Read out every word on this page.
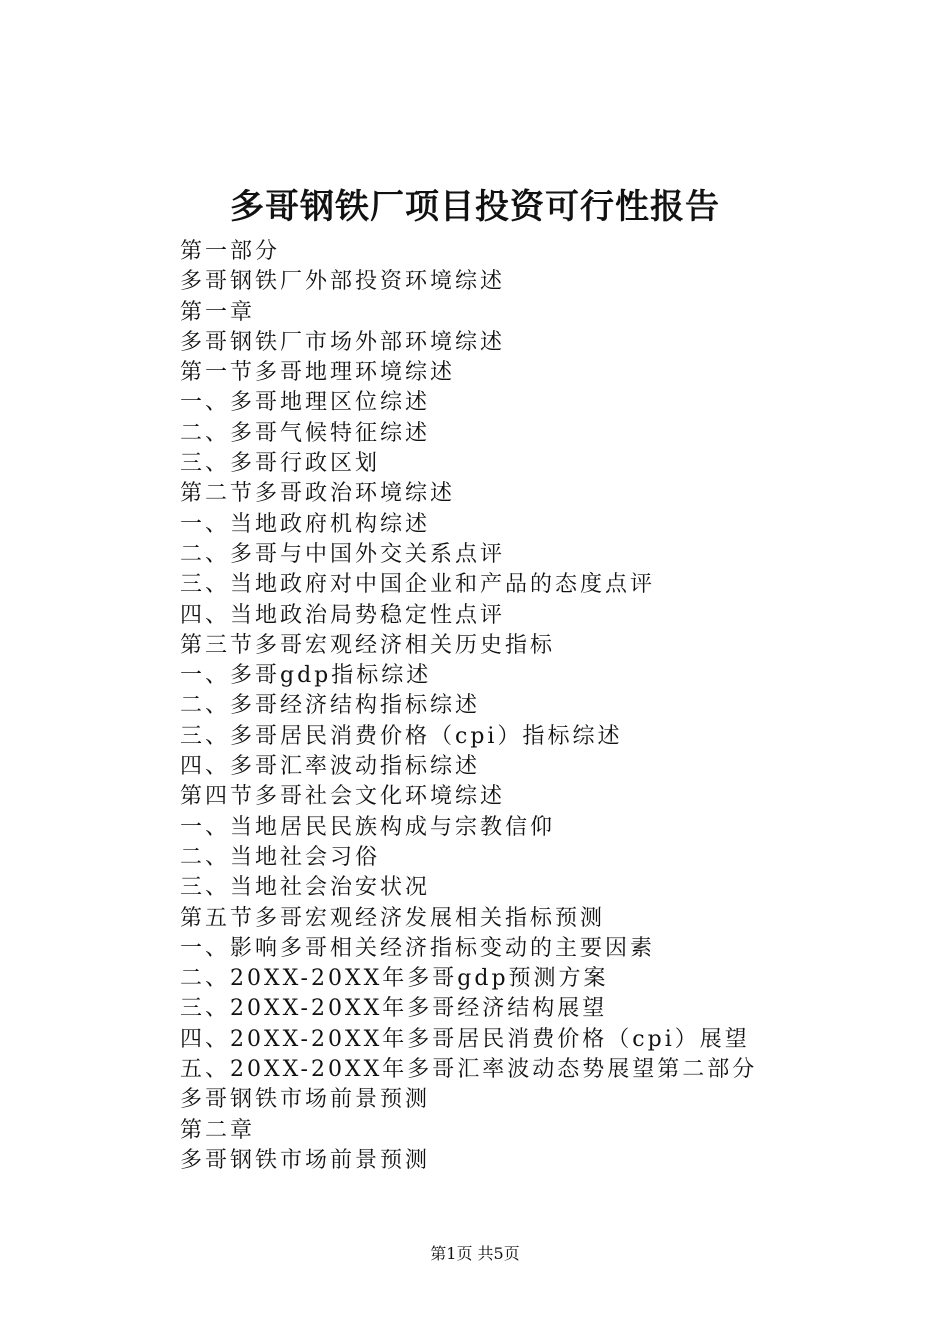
多哥钢铁厂项目投资可行性报告
第一部分
多哥钢铁厂外部投资环境综述
第一章
多哥钢铁厂市场外部环境综述
第一节多哥地理环境综述
一、多哥地理区位综述
二、多哥气候特征综述
三、多哥行政区划
第二节多哥政治环境综述
一、当地政府机构综述
二、多哥与中国外交关系点评
三、当地政府对中国企业和产品的态度点评
四、当地政治局势稳定性点评
第三节多哥宏观经济相关历史指标
一、多哥gdp指标综述
二、多哥经济结构指标综述
三、多哥居民消费价格（cpi）指标综述
四、多哥汇率波动指标综述
第四节多哥社会文化环境综述
一、当地居民民族构成与宗教信仰
二、当地社会习俗
三、当地社会治安状况
第五节多哥宏观经济发展相关指标预测
一、影响多哥相关经济指标变动的主要因素
二、20XX-20XX年多哥gdp预测方案
三、20XX-20XX年多哥经济结构展望
四、20XX-20XX年多哥居民消费价格（cpi）展望
五、20XX-20XX年多哥汇率波动态势展望第二部分
多哥钢铁市场前景预测
第二章
多哥钢铁市场前景预测
第1页 共5页
